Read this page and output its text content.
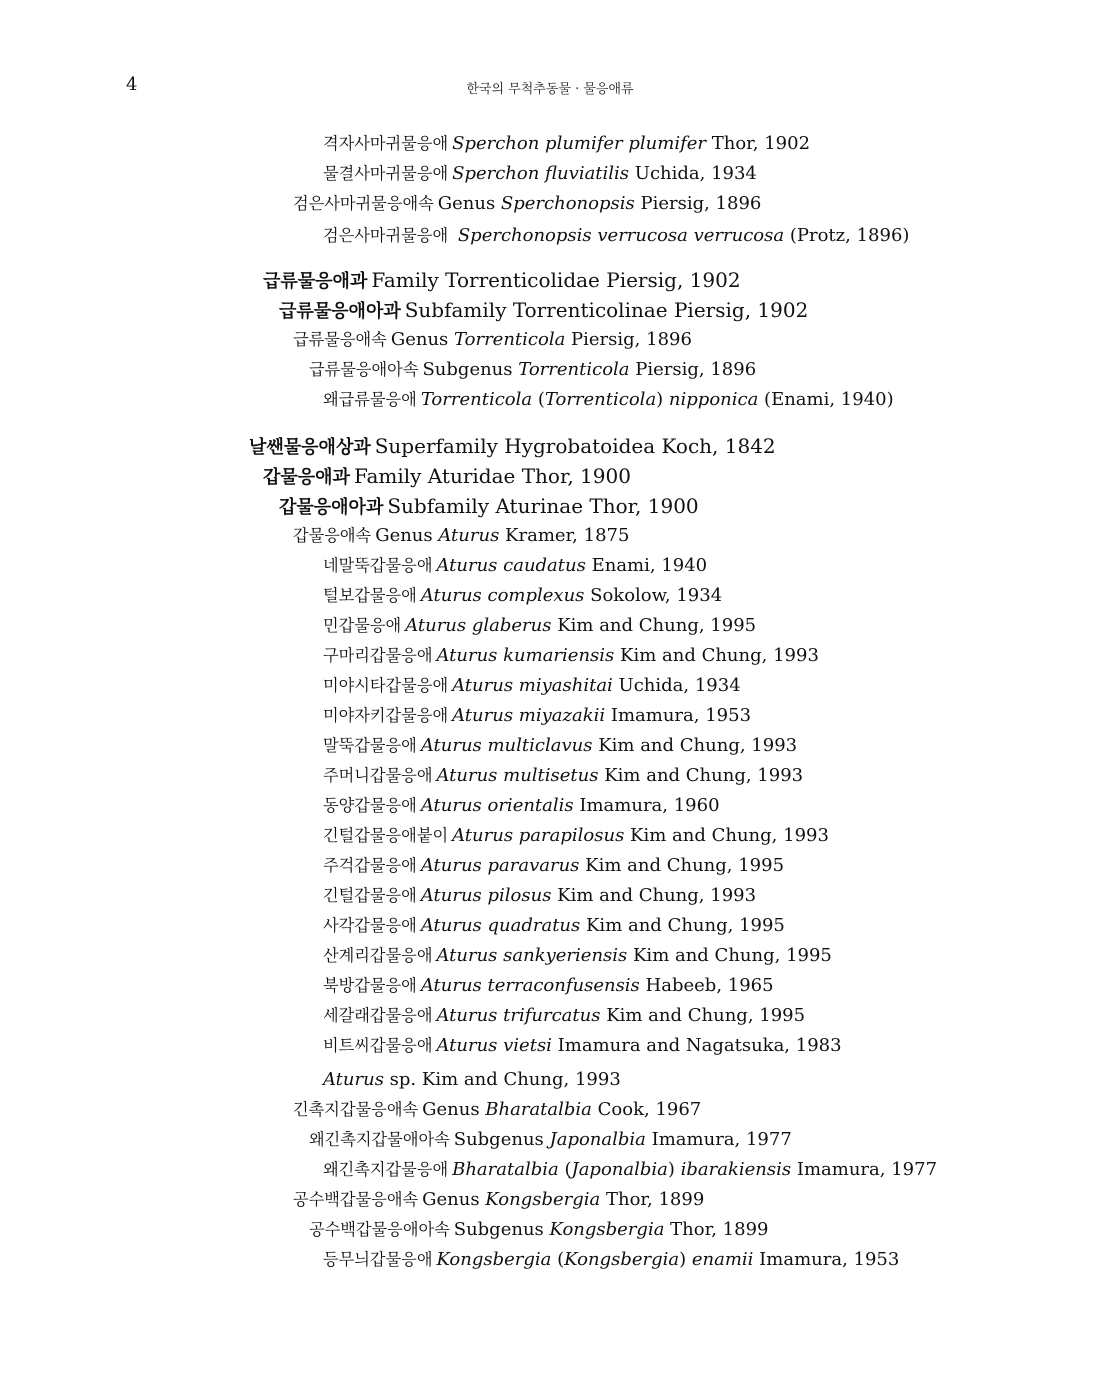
4	한국의 무척추동물 · 물응애류
격자사마귀물응애 Sperchon plumifer plumifer Thor, 1902
물결사마귀물응애 Sperchon fluviatilis Uchida, 1934
검은사마귀물응애속 Genus Sperchonopsis Piersig, 1896
검은사마귀물응애 Sperchonopsis verrucosa verrucosa (Protz, 1896)
급류물응애과 Family Torrenticolidae Piersig, 1902
급류물응애아과 Subfamily Torrenticolinae Piersig, 1902
급류물응애속 Genus Torrenticola Piersig, 1896
급류물응애아속 Subgenus Torrenticola Piersig, 1896
왜급류물응애 Torrenticola (Torrenticola) nipponica (Enami, 1940)
날쌘물응애상과 Superfamily Hygrobatoidea Koch, 1842
갑물응애과 Family Aturidae Thor, 1900
갑물응애아과 Subfamily Aturinae Thor, 1900
갑물응애속 Genus Aturus Kramer, 1875
네말뚝갑물응애 Aturus caudatus Enami, 1940
털보갑물응애 Aturus complexus Sokolow, 1934
민갑물응애 Aturus glaberus Kim and Chung, 1995
구마리갑물응애 Aturus kumariensis Kim and Chung, 1993
미야시타갑물응애 Aturus miyashitai Uchida, 1934
미야자키갑물응애 Aturus miyazakii Imamura, 1953
말뚝갑물응애 Aturus multiclavus Kim and Chung, 1993
주머니갑물응애 Aturus multisetus Kim and Chung, 1993
동양갑물응애 Aturus orientalis Imamura, 1960
긴털갑물응애붙이 Aturus parapilosus Kim and Chung, 1993
주걱갑물응애 Aturus paravarus Kim and Chung, 1995
긴털갑물응애 Aturus pilosus Kim and Chung, 1993
사각갑물응애 Aturus quadratus Kim and Chung, 1995
산계리갑물응애 Aturus sankyeriensis Kim and Chung, 1995
북방갑물응애 Aturus terraconfusensis Habeeb, 1965
세갈래갑물응애 Aturus trifurcatus Kim and Chung, 1995
비트씨갑물응애 Aturus vietsi Imamura and Nagatsuka, 1983
Aturus sp. Kim and Chung, 1993
긴촉지갑물응애속 Genus Bharatalbia Cook, 1967
왜긴촉지갑물애아속 Subgenus Japonalbia Imamura, 1977
왜긴촉지갑물응애 Bharatalbia (Japonalbia) ibarakiensis Imamura, 1977
공수백갑물응애속 Genus Kongsbergia Thor, 1899
공수백갑물응애아속 Subgenus Kongsbergia Thor, 1899
등무늬갑물응애 Kongsbergia (Kongsbergia) enamii Imamura, 1953
